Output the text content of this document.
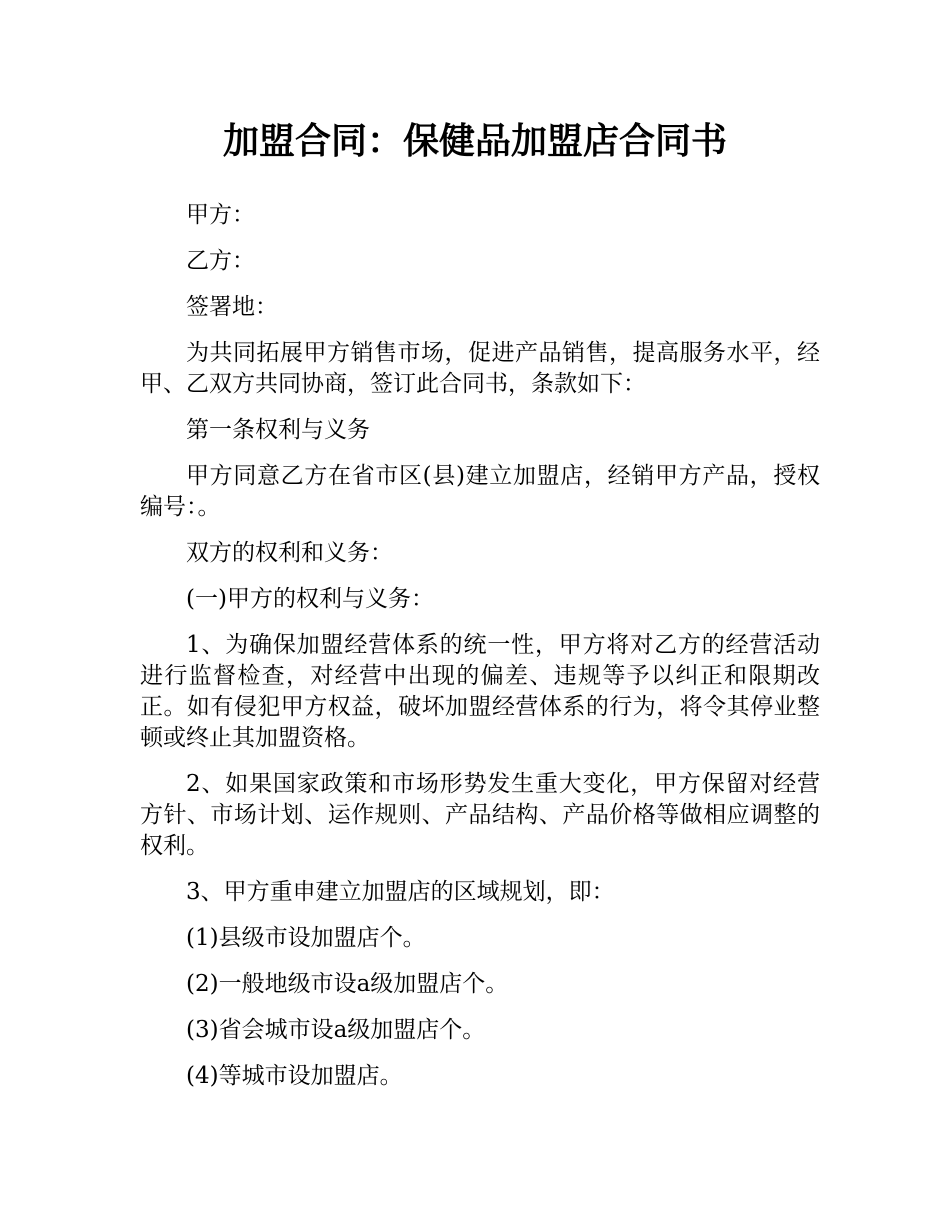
加盟合同：保健品加盟店合同书

甲方：

乙方：

签署地：

为共同拓展甲方销售市场，促进产品销售，提高服务水平，经甲、乙双方共同协商，签订此合同书，条款如下：

第一条权利与义务

甲方同意乙方在省市区(县)建立加盟店，经销甲方产品，授权编号：。

双方的权利和义务：

(一)甲方的权利与义务：

1、为确保加盟经营体系的统一性，甲方将对乙方的经营活动进行监督检查，对经营中出现的偏差、违规等予以纠正和限期改正。如有侵犯甲方权益，破坏加盟经营体系的行为，将令其停业整顿或终止其加盟资格。

2、如果国家政策和市场形势发生重大变化，甲方保留对经营方针、市场计划、运作规则、产品结构、产品价格等做相应调整的权利。

3、甲方重申建立加盟店的区域规划，即：

(1)县级市设加盟店个。

(2)一般地级市设a级加盟店个。

(3)省会城市设a级加盟店个。

(4)等城市设加盟店。
